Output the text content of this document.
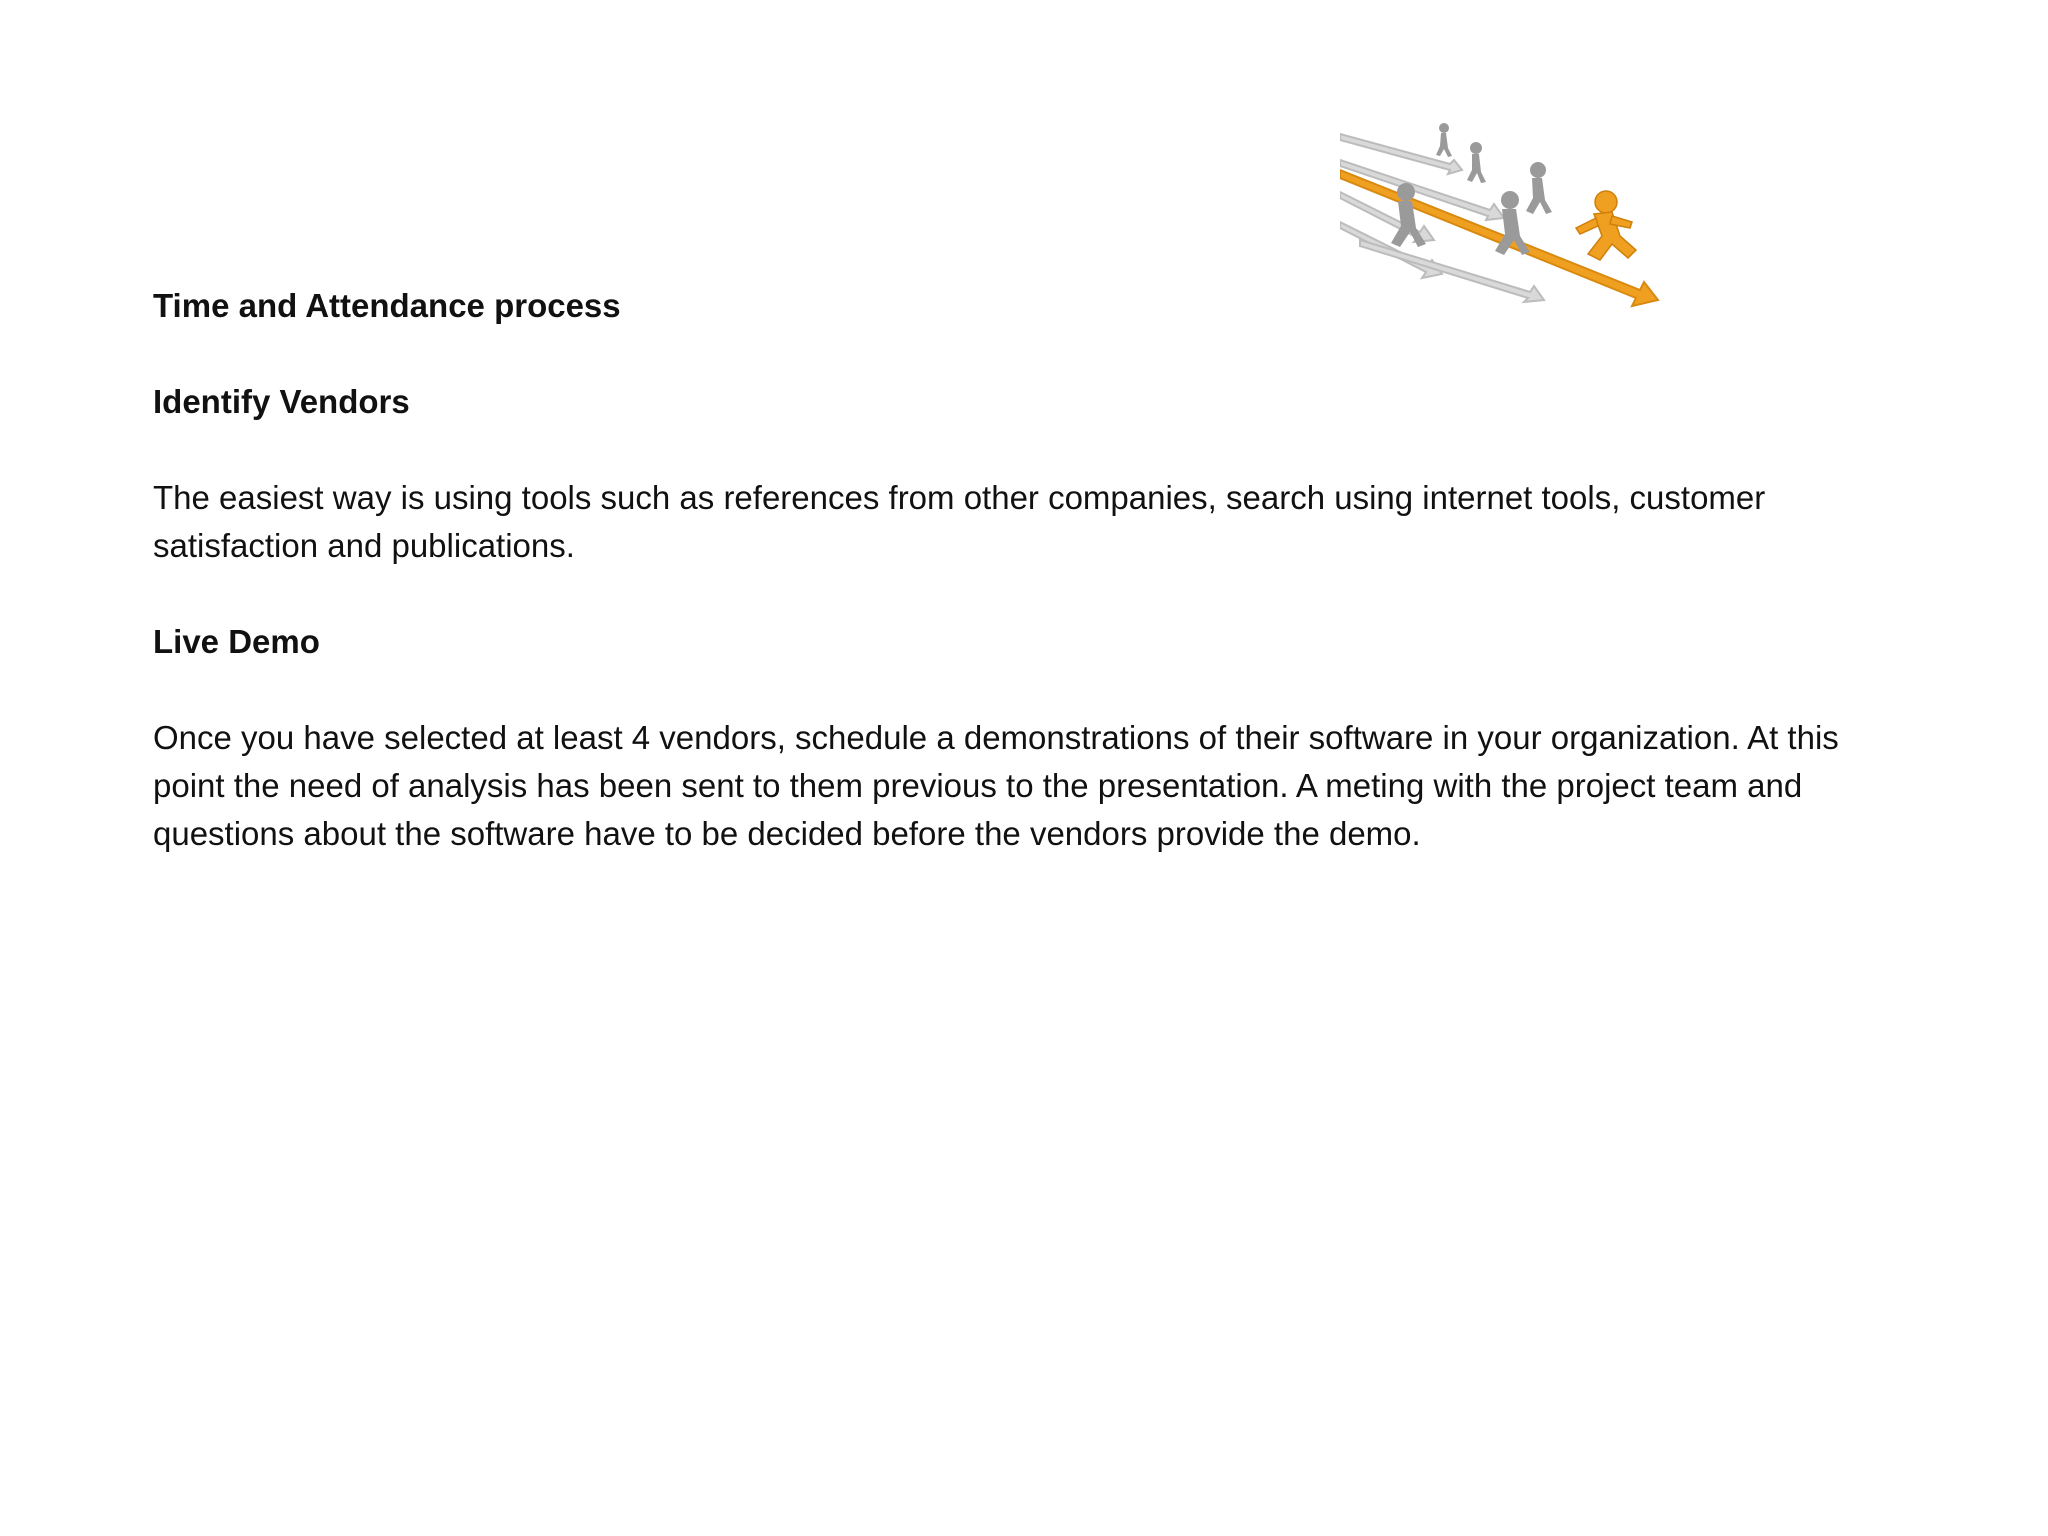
Time and Attendance process

Identify Vendors

The easiest way is using tools such as references from other companies, search using internet tools, customer satisfaction and publications.

Live Demo

Once you have selected at least 4 vendors, schedule a demonstrations of their software in your organization. At this point the need of analysis has been sent to them previous to the presentation. A meting with the project team and questions about the software have to be decided before the vendors provide the demo.
